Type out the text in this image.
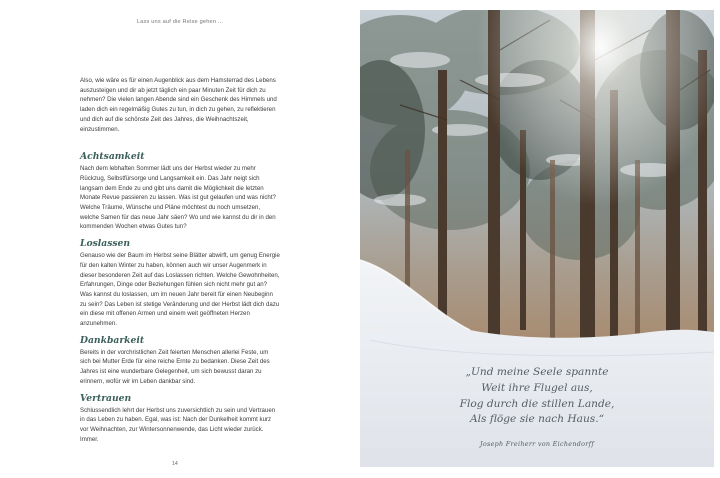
Lass uns auf die Reise gehen ...

Also, wie wäre es für einen Augenblick aus dem Hamsterrad des Lebens auszusteigen und dir ab jetzt täglich ein paar Minuten Zeit für dich zu nehmen? Die vielen langen Abende sind ein Geschenk des Himmels und laden dich ein regelmäßig Gutes zu tun, in dich zu gehen, zu reflektieren und dich auf die schönste Zeit des Jahres, die Weihnachtszeit, einzustimmen.

Achtsamkeit

Nach dem lebhaften Sommer lädt uns der Herbst wieder zu mehr Rückzug, Selbstfürsorge und Langsamkeit ein. Das Jahr neigt sich langsam dem Ende zu und gibt uns damit die Möglichkeit die letzten Monate Revue passieren zu lassen. Was ist gut gelaufen und was nicht? Welche Träume, Wünsche und Pläne möchtest du noch umsetzen, welche Samen für das neue Jahr säen? Wo und wie kannst du dir in den kommenden Wochen etwas Gutes tun?

Loslassen

Genauso wie der Baum im Herbst seine Blätter abwirft, um genug Energie für den kalten Winter zu haben, können auch wir unser Augenmerk in dieser besonderen Zeit auf das Loslassen richten. Welche Gewohnheiten, Erfahrungen, Dinge oder Beziehungen fühlen sich nicht mehr gut an? Was kannst du loslassen, um im neuen Jahr bereit für einen Neubeginn zu sein? Das Leben ist stetige Veränderung und der Herbst lädt dich dazu ein diese mit offenen Armen und einem weit geöffneten Herzen anzunehmen.

Dankbarkeit

Bereits in der vorchristlichen Zeit feierten Menschen allerlei Feste, um sich bei Mutter Erde für eine reiche Ernte zu bedanken. Diese Zeit des Jahres ist eine wunderbare Gelegenheit, um sich bewusst daran zu erinnern, wofür wir im Leben dankbar sind.

Vertrauen

Schlussendlich lehrt der Herbst uns zuversichtlich zu sein und Vertrauen in das Leben zu haben. Egal, was ist: Nach der Dunkelheit kommt kurz vor Weihnachten, zur Wintersonnenwende, das Licht wieder zurück. Immer.

14
„Und meine Seele spannte
Weit ihre Flugel aus,
Flog durch die stillen Lande,
Als flöge sie nach Haus.“
Joseph Freiherr von Eichendorff
